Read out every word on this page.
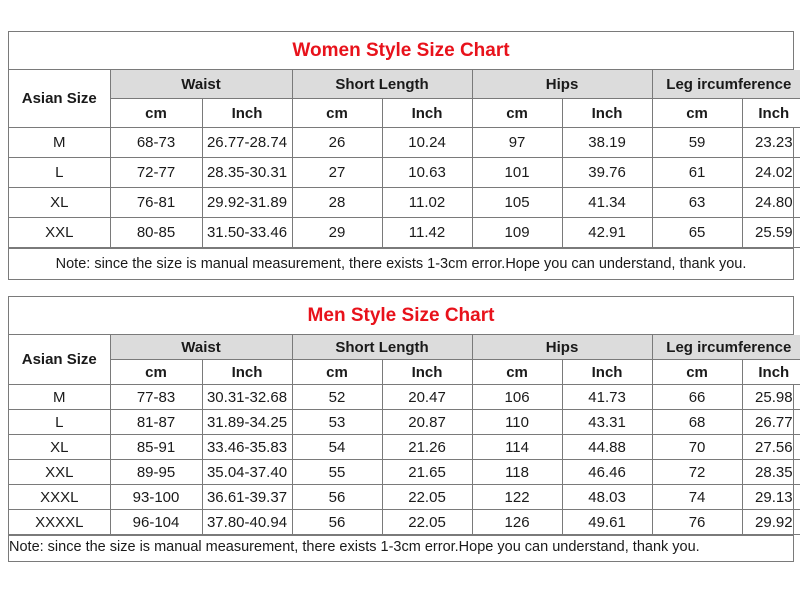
Women Style Size Chart
Asian Size	Waist		Short Length		Hips		Leg ircumference	
	cm	Inch	cm	Inch	cm	Inch	cm	Inch
M	68-73	26.77-28.74	26	10.24	97	38.19	59	23.23
L	72-77	28.35-30.31	27	10.63	101	39.76	61	24.02
XL	76-81	29.92-31.89	28	11.02	105	41.34	63	24.80
XXL	80-85	31.50-33.46	29	11.42	109	42.91	65	25.59
Note: since the size is manual measurement, there exists 1-3cm error.Hope you can understand, thank you.
Men Style Size Chart
Asian Size	Waist		Short Length		Hips		Leg ircumference	
	cm	Inch	cm	Inch	cm	Inch	cm	Inch
M	77-83	30.31-32.68	52	20.47	106	41.73	66	25.98
L	81-87	31.89-34.25	53	20.87	110	43.31	68	26.77
XL	85-91	33.46-35.83	54	21.26	114	44.88	70	27.56
XXL	89-95	35.04-37.40	55	21.65	118	46.46	72	28.35
XXXL	93-100	36.61-39.37	56	22.05	122	48.03	74	29.13
XXXXL	96-104	37.80-40.94	56	22.05	126	49.61	76	29.92
Note: since the size is manual measurement, there exists 1-3cm error.Hope you can understand, thank you.
